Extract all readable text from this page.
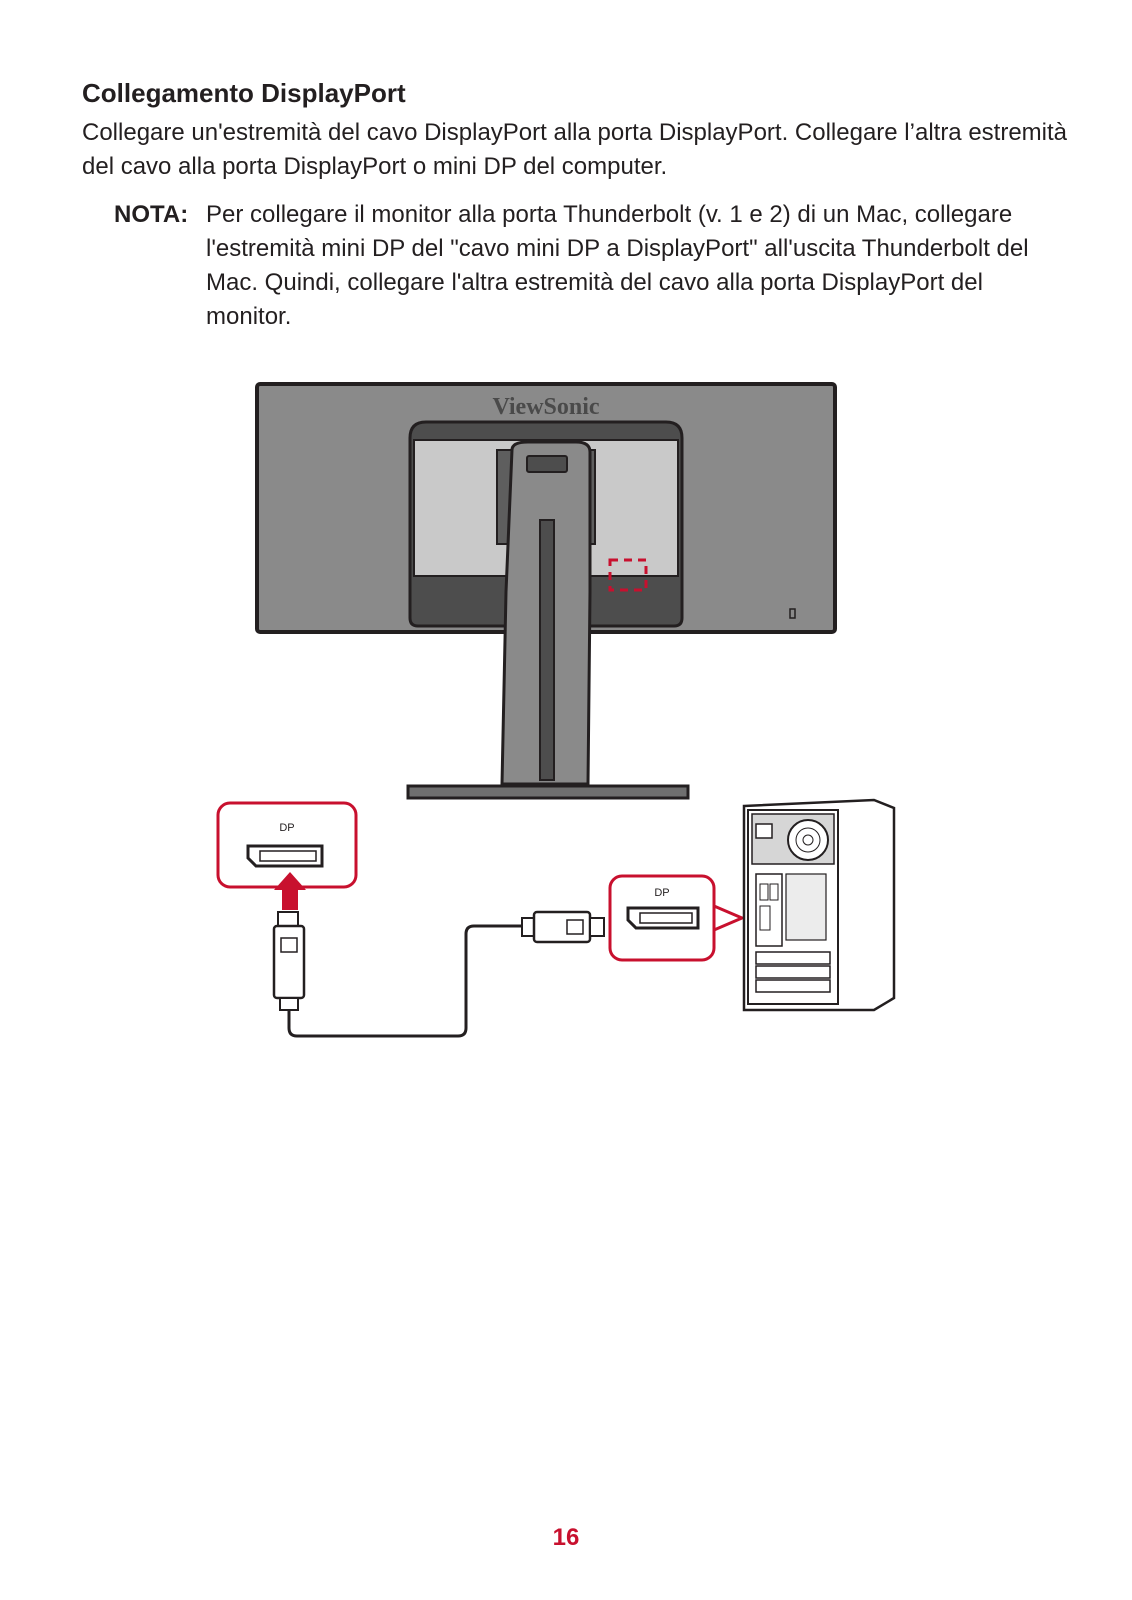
Collegamento DisplayPort

Collegare un'estremità del cavo DisplayPort alla porta DisplayPort. Collegare l’altra estremità del cavo alla porta DisplayPort o mini DP del computer.

NOTA: Per collegare il monitor alla porta Thunderbolt (v. 1 e 2) di un Mac, collegare l'estremità mini DP del "cavo mini DP a DisplayPort" all'uscita Thunderbolt del Mac. Quindi, collegare l'altra estremità del cavo alla porta DisplayPort del monitor.
ViewSonic
DP
DP
16
